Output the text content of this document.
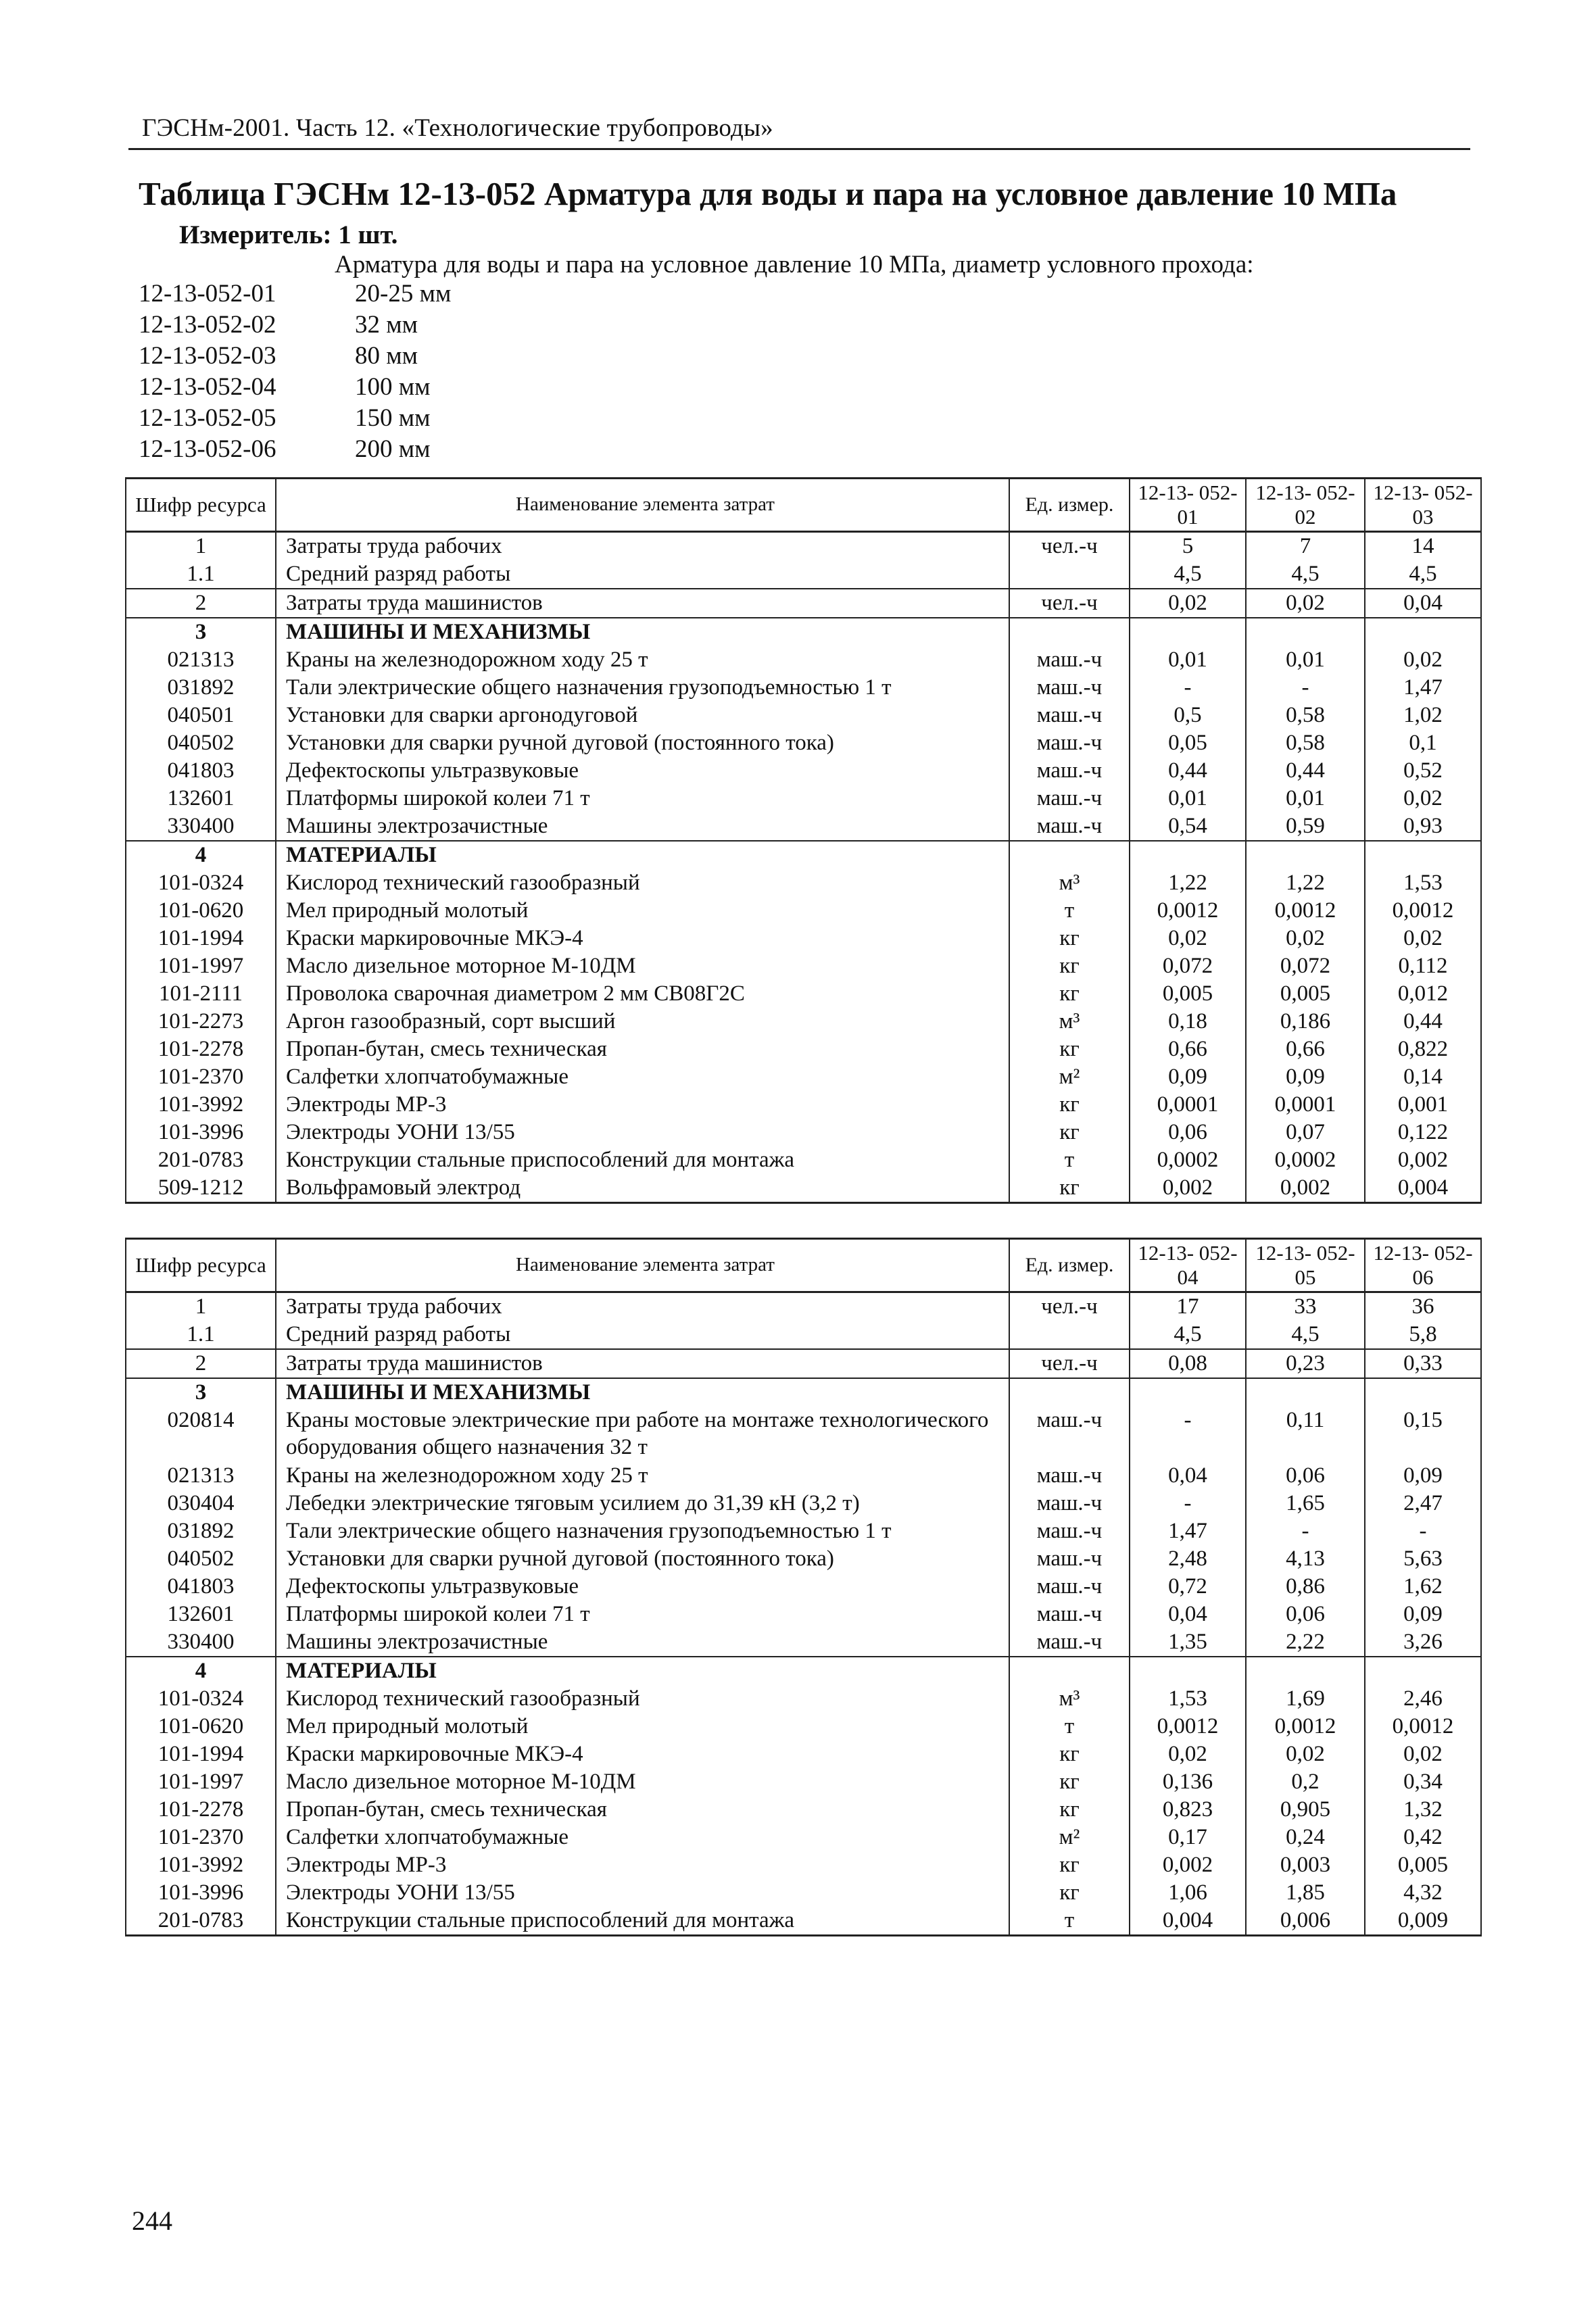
ГЭСНм-2001. Часть 12. «Технологические трубопроводы»
Таблица ГЭСНм 12-13-052 Арматура для воды и пара на условное давление 10 МПа
Измеритель: 1 шт.
Арматура для воды и пара на условное давление 10 МПа, диаметр условного прохода:
12-13-052-01	20-25 мм
12-13-052-02	32 мм
12-13-052-03	80 мм
12-13-052-04	100 мм
12-13-052-05	150 мм
12-13-052-06	200 мм
Шифр ресурса	Наименование элемента затрат	Ед. измер.	12-13- 052-01	12-13- 052-02	12-13- 052-03
1	Затраты труда рабочих	чел.-ч	5	7	14
1.1	Средний разряд работы		4,5	4,5	4,5
2	Затраты труда машинистов	чел.-ч	0,02	0,02	0,04
3	МАШИНЫ И МЕХАНИЗМЫ				
021313	Краны на железнодорожном ходу 25 т	маш.-ч	0,01	0,01	0,02
031892	Тали электрические общего назначения грузоподъемностью 1 т	маш.-ч	-	-	1,47
040501	Установки для сварки аргонодуговой	маш.-ч	0,5	0,58	1,02
040502	Установки для сварки ручной дуговой (постоянного тока)	маш.-ч	0,05	0,58	0,1
041803	Дефектоскопы ультразвуковые	маш.-ч	0,44	0,44	0,52
132601	Платформы широкой колеи 71 т	маш.-ч	0,01	0,01	0,02
330400	Машины электрозачистные	маш.-ч	0,54	0,59	0,93
4	МАТЕРИАЛЫ				
101-0324	Кислород технический газообразный	м³	1,22	1,22	1,53
101-0620	Мел природный молотый	т	0,0012	0,0012	0,0012
101-1994	Краски маркировочные МКЭ-4	кг	0,02	0,02	0,02
101-1997	Масло дизельное моторное М-10ДМ	кг	0,072	0,072	0,112
101-2111	Проволока сварочная диаметром 2 мм СВ08Г2С	кг	0,005	0,005	0,012
101-2273	Аргон газообразный, сорт высший	м³	0,18	0,186	0,44
101-2278	Пропан-бутан, смесь техническая	кг	0,66	0,66	0,822
101-2370	Салфетки хлопчатобумажные	м²	0,09	0,09	0,14
101-3992	Электроды МР-3	кг	0,0001	0,0001	0,001
101-3996	Электроды УОНИ 13/55	кг	0,06	0,07	0,122
201-0783	Конструкции стальные приспособлений для монтажа	т	0,0002	0,0002	0,002
509-1212	Вольфрамовый электрод	кг	0,002	0,002	0,004
Шифр ресурса	Наименование элемента затрат	Ед. измер.	12-13- 052-04	12-13- 052-05	12-13- 052-06
1	Затраты труда рабочих	чел.-ч	17	33	36
1.1	Средний разряд работы		4,5	4,5	5,8
2	Затраты труда машинистов	чел.-ч	0,08	0,23	0,33
3	МАШИНЫ И МЕХАНИЗМЫ				
020814	Краны мостовые электрические при работе на монтаже технологического оборудования общего назначения 32 т	маш.-ч	-	0,11	0,15
021313	Краны на железнодорожном ходу 25 т	маш.-ч	0,04	0,06	0,09
030404	Лебедки электрические тяговым усилием до 31,39 кН (3,2 т)	маш.-ч	-	1,65	2,47
031892	Тали электрические общего назначения грузоподъемностью 1 т	маш.-ч	1,47	-	-
040502	Установки для сварки ручной дуговой (постоянного тока)	маш.-ч	2,48	4,13	5,63
041803	Дефектоскопы ультразвуковые	маш.-ч	0,72	0,86	1,62
132601	Платформы широкой колеи 71 т	маш.-ч	0,04	0,06	0,09
330400	Машины электрозачистные	маш.-ч	1,35	2,22	3,26
4	МАТЕРИАЛЫ				
101-0324	Кислород технический газообразный	м³	1,53	1,69	2,46
101-0620	Мел природный молотый	т	0,0012	0,0012	0,0012
101-1994	Краски маркировочные МКЭ-4	кг	0,02	0,02	0,02
101-1997	Масло дизельное моторное М-10ДМ	кг	0,136	0,2	0,34
101-2278	Пропан-бутан, смесь техническая	кг	0,823	0,905	1,32
101-2370	Салфетки хлопчатобумажные	м²	0,17	0,24	0,42
101-3992	Электроды МР-3	кг	0,002	0,003	0,005
101-3996	Электроды УОНИ 13/55	кг	1,06	1,85	4,32
201-0783	Конструкции стальные приспособлений для монтажа	т	0,004	0,006	0,009
244
